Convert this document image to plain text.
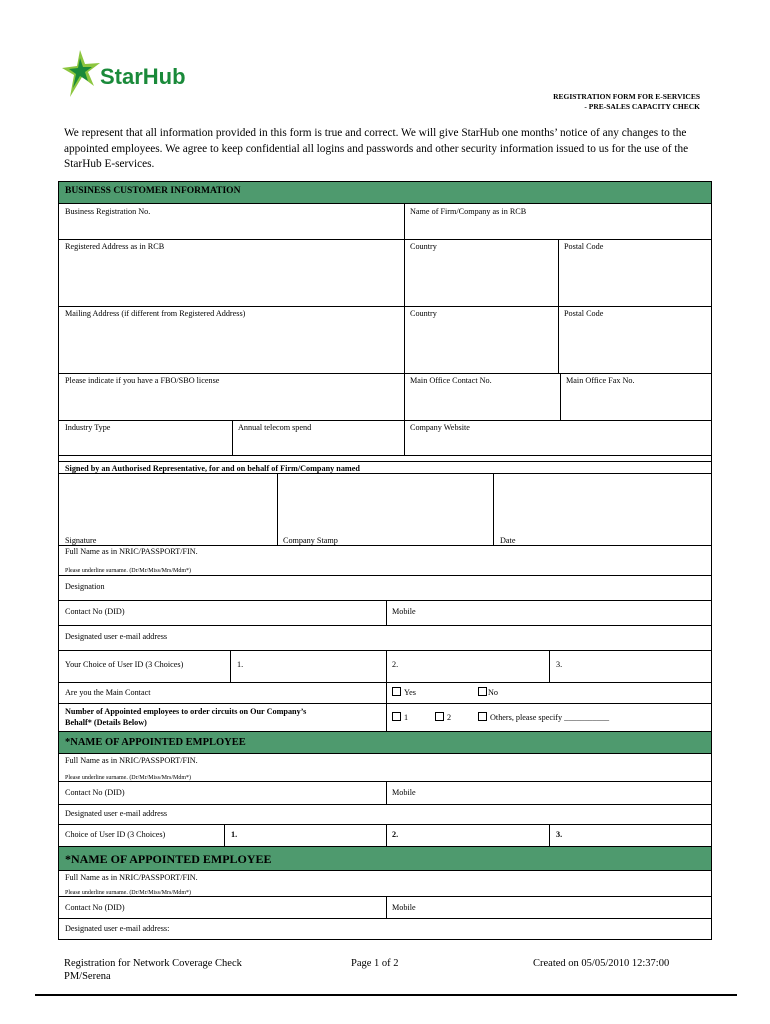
StarHub
REGISTRATION FORM FOR E-SERVICES
- PRE-SALES CAPACITY CHECK
We represent that all information provided in this form is true and correct. We will give StarHub one months’ notice of any changes to the appointed employees. We agree to keep confidential all logins and passwords and other security information issued to us for the use of the StarHub E-services.
BUSINESS CUSTOMER INFORMATION
Business Registration No.	Name of Firm/Company as in RCB
Registered Address as in RCB	Country	Postal Code
Mailing Address (if different from Registered Address)	Country	Postal Code
Please indicate if you have a FBO/SBO license	Main Office Contact No.	Main Office Fax No.
Industry Type	Annual telecom spend	Company Website
Signed by an Authorised Representative, for and on behalf of Firm/Company named
Signature	Company Stamp	Date
Full Name as in NRIC/PASSPORT/FIN.
Please underline surname. (Dr/Mr/Miss/Mrs/Mdm*)
Designation
Contact No (DID)	Mobile
Designated user e-mail address
Your Choice of User ID (3 Choices)	1.	2.	3.
Are you the Main Contact	Yes	No
Number of Appointed employees to order circuits on Our Company’s
Behalf* (Details Below)
1	2	Others, please specify ___________
*NAME OF APPOINTED EMPLOYEE
Full Name as in NRIC/PASSPORT/FIN.
Please underline surname. (Dr/Mr/Miss/Mrs/Mdm*)
Contact No (DID)	Mobile
Designated user e-mail address
Choice of User ID (3 Choices)	1.	2.	3.
*NAME OF APPOINTED EMPLOYEE
Full Name as in NRIC/PASSPORT/FIN.
Please underline surname. (Dr/Mr/Miss/Mrs/Mdm*)
Contact No (DID)	Mobile
Designated user e-mail address:
Registration for Network Coverage Check
PM/Serena
Page 1 of 2	Created on 05/05/2010 12:37:00
